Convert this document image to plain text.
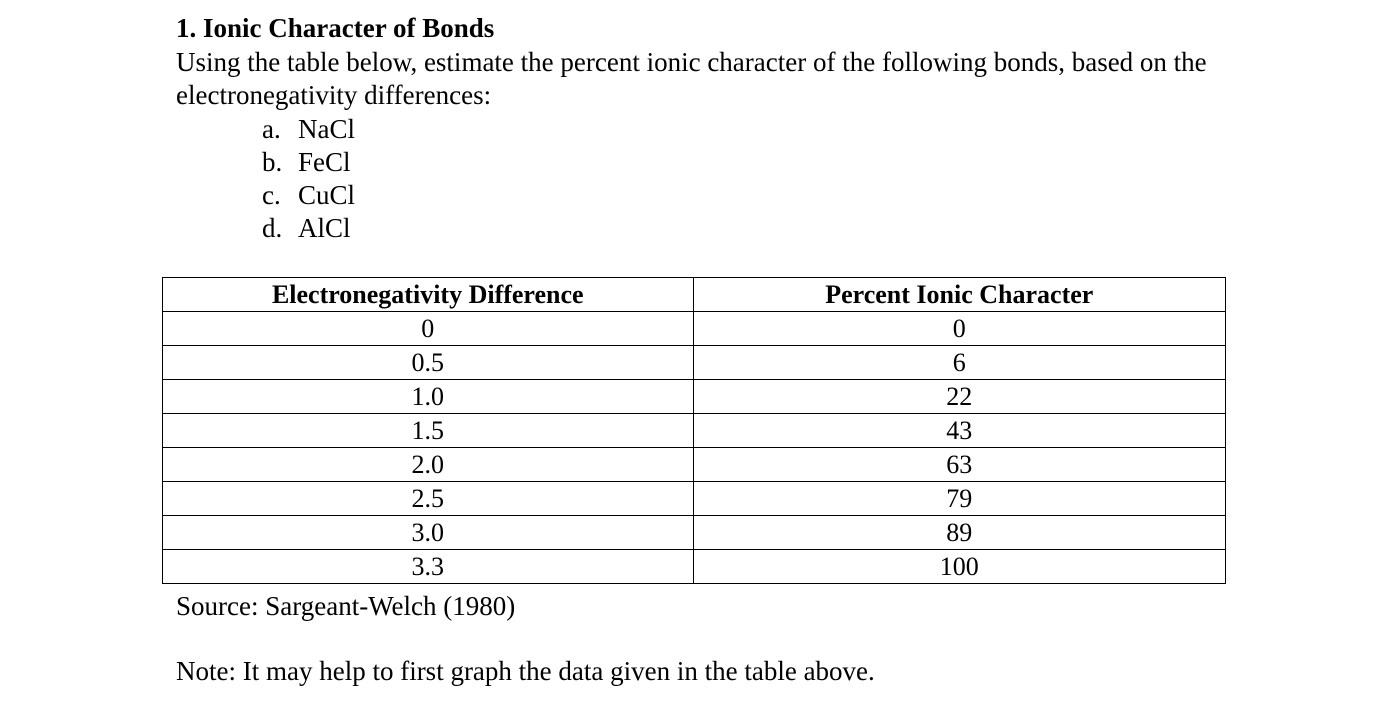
1. Ionic Character of Bonds
Using the table below, estimate the percent ionic character of the following bonds, based on the electronegativity differences:
a. NaCl
b. FeCl
c. CuCl
d. AlCl
Electronegativity Difference	Percent Ionic Character
0	0
0.5	6
1.0	22
1.5	43
2.0	63
2.5	79
3.0	89
3.3	100
Source: Sargeant-Welch (1980)
Note: It may help to first graph the data given in the table above.
